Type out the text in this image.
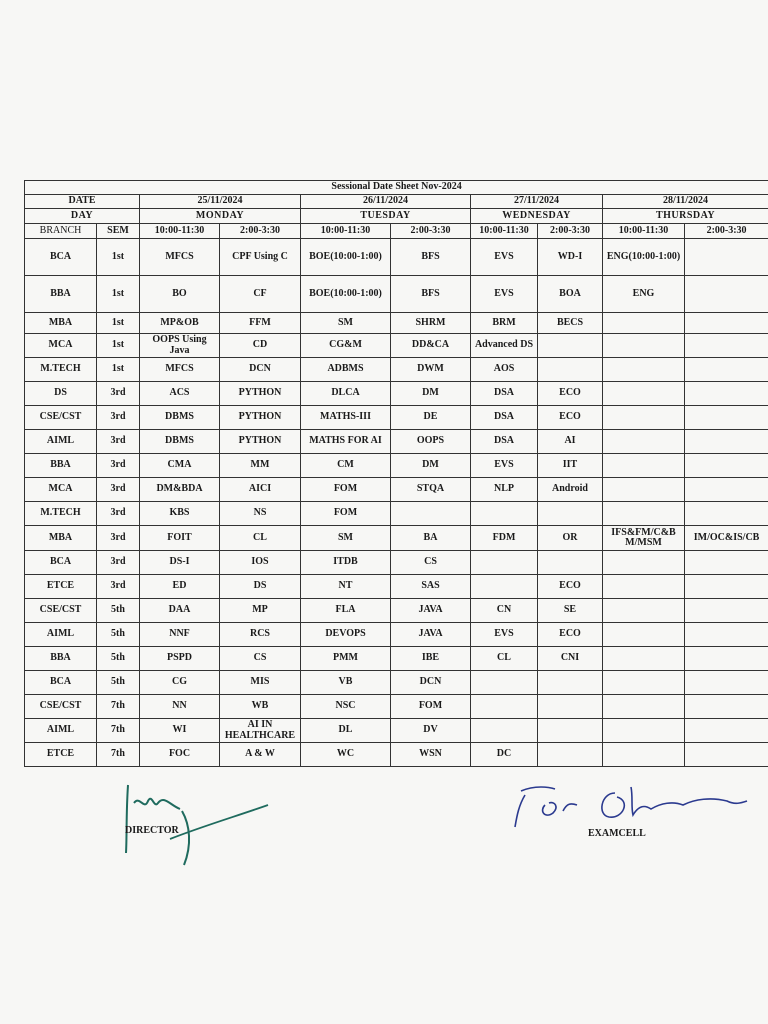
Sessional Date Sheet Nov-2024									
DATE		25/11/2024		26/11/2024		27/11/2024		28/11/2024	
DAY		MONDAY		TUESDAY		WEDNESDAY		THURSDAY	
BRANCH	SEM	10:00-11:30	2:00-3:30	10:00-11:30	2:00-3:30	10:00-11:30	2:00-3:30	10:00-11:30	2:00-3:30
BCA	1st	MFCS	CPF Using C	BOE(10:00-1:00)	BFS	EVS	WD-I	ENG(10:00-1:00)	
BBA	1st	BO	CF	BOE(10:00-1:00)	BFS	EVS	BOA	ENG	
MBA	1st	MP&OB	FFM	SM	SHRM	BRM	BECS		
MCA	1st	OOPS Using Java	CD	CG&M	DD&CA	Advanced DS			
M.TECH	1st	MFCS	DCN	ADBMS	DWM	AOS			
DS	3rd	ACS	PYTHON	DLCA	DM	DSA	ECO		
CSE/CST	3rd	DBMS	PYTHON	MATHS-III	DE	DSA	ECO		
AIML	3rd	DBMS	PYTHON	MATHS FOR AI	OOPS	DSA	AI		
BBA	3rd	CMA	MM	CM	DM	EVS	IIT		
MCA	3rd	DM&BDA	AICI	FOM	STQA	NLP	Android		
M.TECH	3rd	KBS	NS	FOM					
MBA	3rd	FOIT	CL	SM	BA	FDM	OR	IFS&FM/C&B M/MSM	IM/OC&IS/CB
BCA	3rd	DS-I	IOS	ITDB	CS				
ETCE	3rd	ED	DS	NT	SAS		ECO		
CSE/CST	5th	DAA	MP	FLA	JAVA	CN	SE		
AIML	5th	NNF	RCS	DEVOPS	JAVA	EVS	ECO		
BBA	5th	PSPD	CS	PMM	IBE	CL	CNI		
BCA	5th	CG	MIS	VB	DCN				
CSE/CST	7th	NN	WB	NSC	FOM				
AIML	7th	WI	AI IN HEALTHCARE	DL	DV				
ETCE	7th	FOC	A & W	WC	WSN	DC			
DIRECTOR	EXAMCELL
